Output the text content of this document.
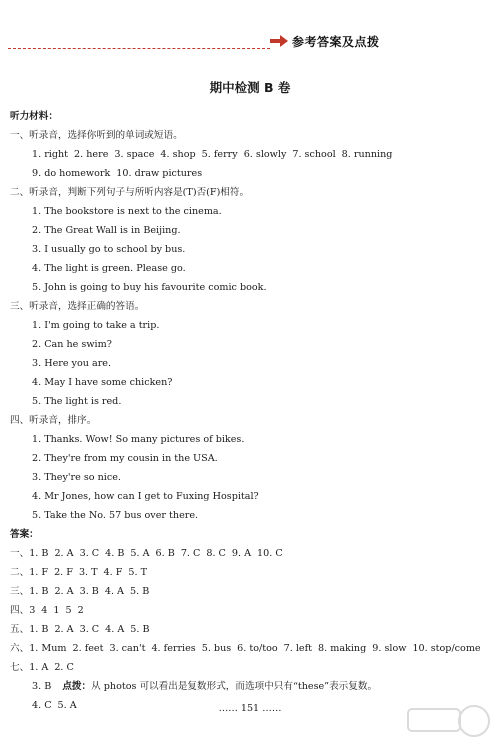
参考答案及点拨
期中检测 B 卷
听力材料：
一、听录音，选择你听到的单词或短语。
1. right 2. here 3. space 4. shop 5. ferry 6. slowly 7. school 8. running
9. do homework 10. draw pictures
二、听录音，判断下列句子与所听内容是(T)否(F)相符。
1. The bookstore is next to the cinema.
2. The Great Wall is in Beijing.
3. I usually go to school by bus.
4. The light is green. Please go.
5. John is going to buy his favourite comic book.
三、听录音，选择正确的答语。
1. I'm going to take a trip.
2. Can he swim?
3. Here you are.
4. May I have some chicken?
5. The light is red.
四、听录音，排序。
1. Thanks. Wow! So many pictures of bikes.
2. They're from my cousin in the USA.
3. They're so nice.
4. Mr Jones, how can I get to Fuxing Hospital?
5. Take the No. 57 bus over there.
答案：
一、1. B 2. A 3. C 4. B 5. A 6. B 7. C 8. C 9. A 10. C
二、1. F 2. F 3. T 4. F 5. T
三、1. B 2. A 3. B 4. A 5. B
四、3 4 1 5 2
五、1. B 2. A 3. C 4. A 5. B
六、1. Mum 2. feet 3. can't 4. ferries 5. bus 6. to/too 7. left 8. making 9. slow 10. stop/come
七、1. A 2. C
3. B 点拨：从 photos 可以看出是复数形式，而选项中只有“these”表示复数。
4. C 5. A	…… 151 ……
